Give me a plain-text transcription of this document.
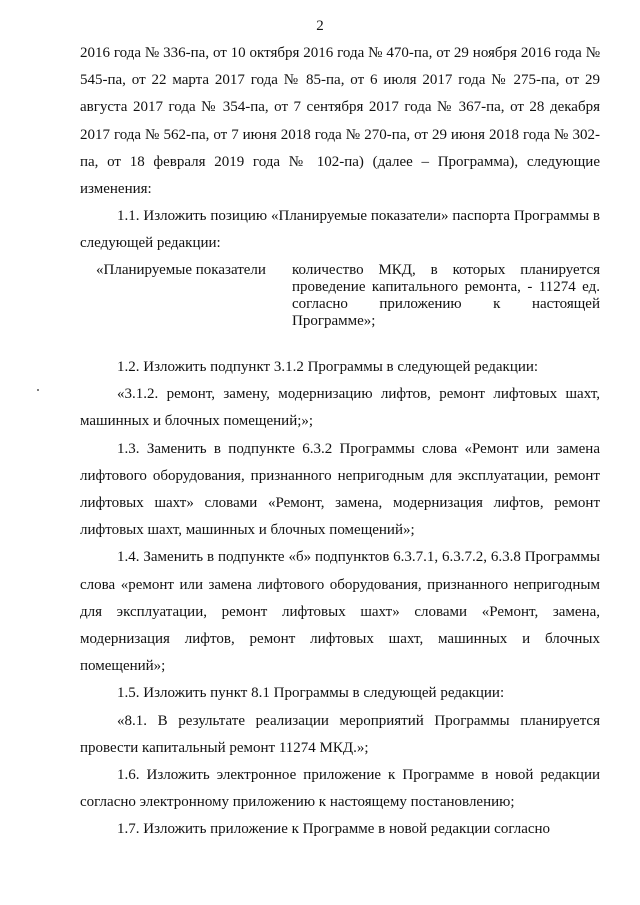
2

2016 года № 336-па, от 10 октября 2016 года № 470-па, от 29 ноября 2016 года № 545-па, от 22 марта 2017 года № 85-па, от 6 июля 2017 года № 275-па, от 29 августа 2017 года № 354-па, от 7 сентября 2017 года № 367-па, от 28 декабря 2017 года № 562-па, от 7 июня 2018 года № 270-па, от 29 июня 2018 года № 302-па, от 18 февраля 2019 года № 102-па) (далее – Программа), следующие изменения:

1.1. Изложить позицию «Планируемые показатели» паспорта Программы в следующей редакции:

«Планируемые показатели	количество МКД, в которых планируется проведение капитального ремонта, - 11274 ед. согласно приложению к настоящей Программе»;

1.2. Изложить подпункт 3.1.2 Программы в следующей редакции:

«3.1.2. ремонт, замену, модернизацию лифтов, ремонт лифтовых шахт, машинных и блочных помещений;»;

1.3. Заменить в подпункте 6.3.2 Программы слова «Ремонт или замена лифтового оборудования, признанного непригодным для эксплуатации, ремонт лифтовых шахт» словами «Ремонт, замена, модернизация лифтов, ремонт лифтовых шахт, машинных и блочных помещений»;

1.4. Заменить в подпункте «б» подпунктов 6.3.7.1, 6.3.7.2, 6.3.8 Программы слова «ремонт или замена лифтового оборудования, признанного непригодным для эксплуатации, ремонт лифтовых шахт» словами «Ремонт, замена, модернизация лифтов, ремонт лифтовых шахт, машинных и блочных помещений»;

1.5. Изложить пункт 8.1 Программы в следующей редакции:

«8.1. В результате реализации мероприятий Программы планируется провести капитальный ремонт 11274 МКД.»;

1.6. Изложить электронное приложение к Программе в новой редакции согласно электронному приложению к настоящему постановлению;

1.7. Изложить приложение к Программе в новой редакции согласно
